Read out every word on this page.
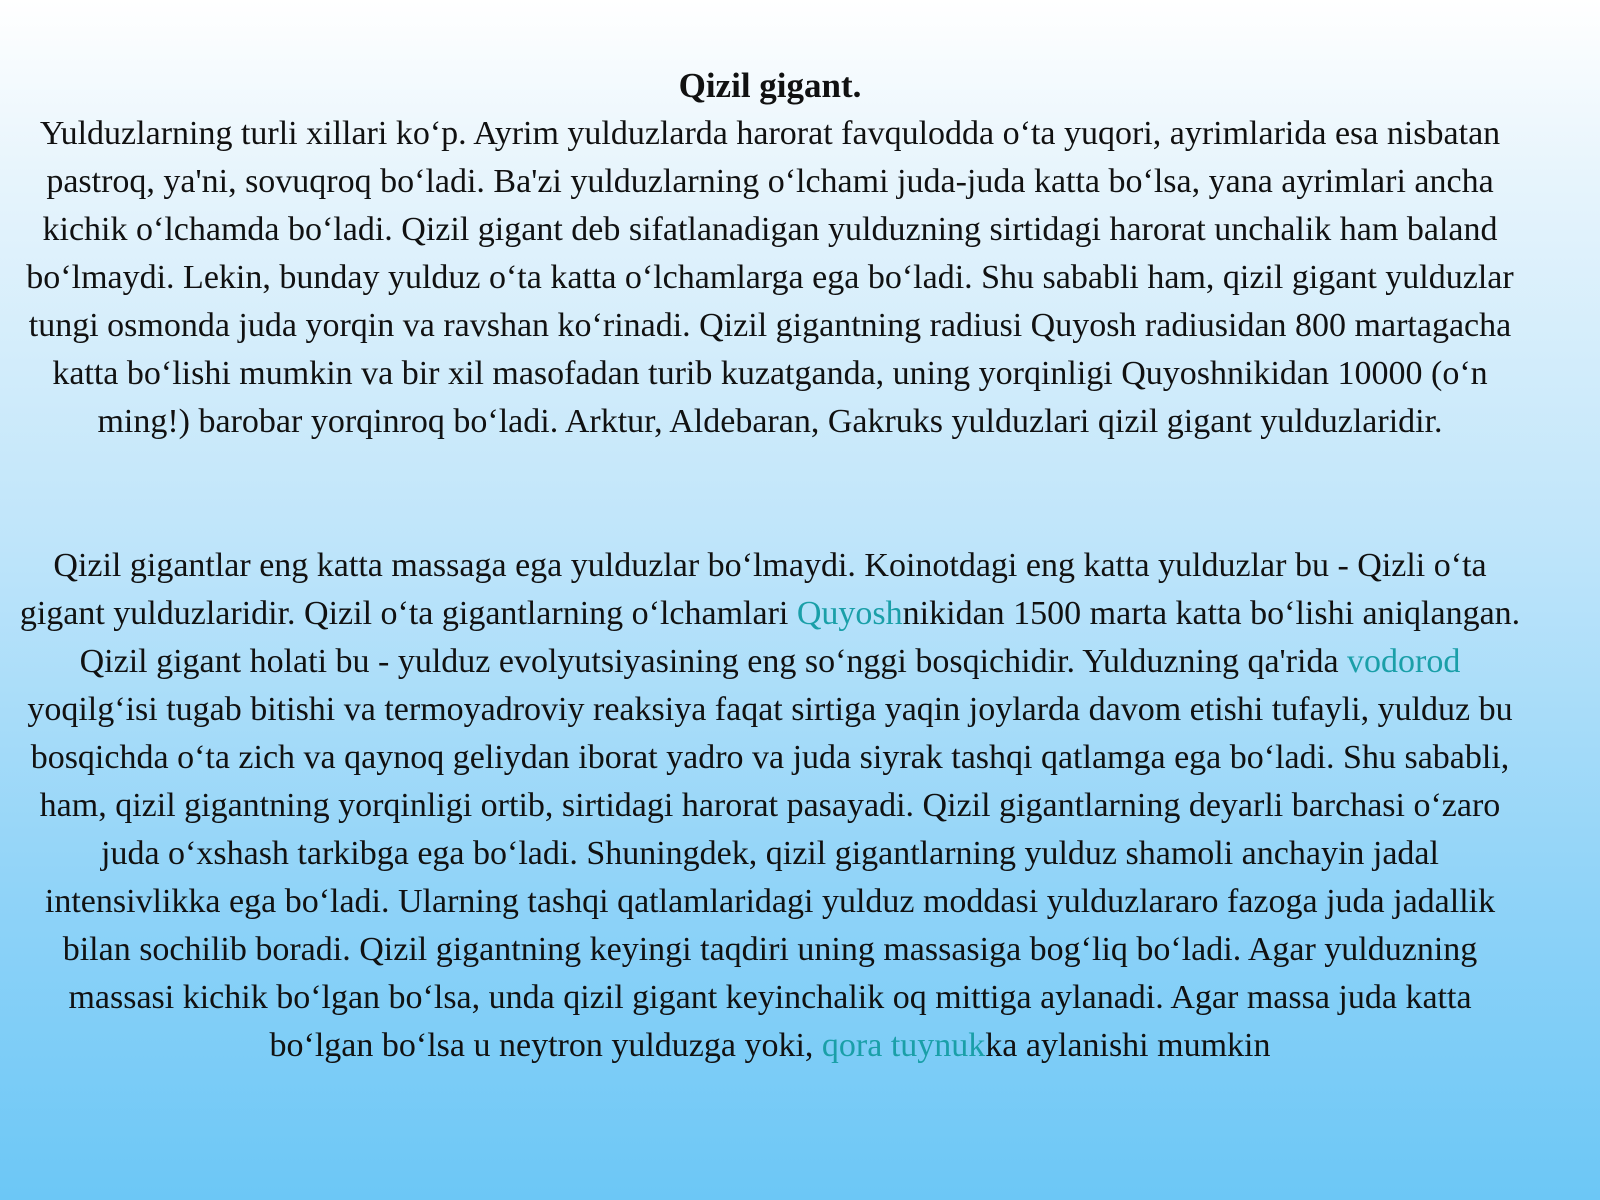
Qizil gigant.

Yulduzlarning turli xillari ko‘p. Ayrim yulduzlarda harorat favqulodda o‘ta yuqori, ayrimlarida esa nisbatan pastroq, ya'ni, sovuqroq bo‘ladi. Ba'zi yulduzlarning o‘lchami juda-juda katta bo‘lsa, yana ayrimlari ancha kichik o‘lchamda bo‘ladi. Qizil gigant deb sifatlanadigan yulduzning sirtidagi harorat unchalik ham baland bo‘lmaydi. Lekin, bunday yulduz o‘ta katta o‘lchamlarga ega bo‘ladi. Shu sababli ham, qizil gigant yulduzlar tungi osmonda juda yorqin va ravshan ko‘rinadi. Qizil gigantning radiusi Quyosh radiusidan 800 martagacha katta bo‘lishi mumkin va bir xil masofadan turib kuzatganda, uning yorqinligi Quyoshnikidan 10000 (o‘n ming!) barobar yorqinroq bo‘ladi. Arktur, Aldebaran, Gakruks yulduzlari qizil gigant yulduzlaridir.

Qizil gigantlar eng katta massaga ega yulduzlar bo‘lmaydi. Koinotdagi eng katta yulduzlar bu - Qizli o‘ta gigant yulduzlaridir. Qizil o‘ta gigantlarning o‘lchamlari Quyoshnikidan 1500 marta katta bo‘lishi aniqlangan. Qizil gigant holati bu - yulduz evolyutsiyasining eng so‘nggi bosqichidir. Yulduzning qa'rida vodorod yoqilg‘isi tugab bitishi va termoyadroviy reaksiya faqat sirtiga yaqin joylarda davom etishi tufayli, yulduz bu bosqichda o‘ta zich va qaynoq geliydan iborat yadro va juda siyrak tashqi qatlamga ega bo‘ladi. Shu sababli, ham, qizil gigantning yorqinligi ortib, sirtidagi harorat pasayadi. Qizil gigantlarning deyarli barchasi o‘zaro juda o‘xshash tarkibga ega bo‘ladi. Shuningdek, qizil gigantlarning yulduz shamoli anchayin jadal intensivlikka ega bo‘ladi. Ularning tashqi qatlamlaridagi yulduz moddasi yulduzlararo fazoga juda jadallik bilan sochilib boradi. Qizil gigantning keyingi taqdiri uning massasiga bog‘liq bo‘ladi. Agar yulduzning massasi kichik bo‘lgan bo‘lsa, unda qizil gigant keyinchalik oq mittiga aylanadi. Agar massa juda katta bo‘lgan bo‘lsa u neytron yulduzga yoki, qora tuynukka aylanishi mumkin
